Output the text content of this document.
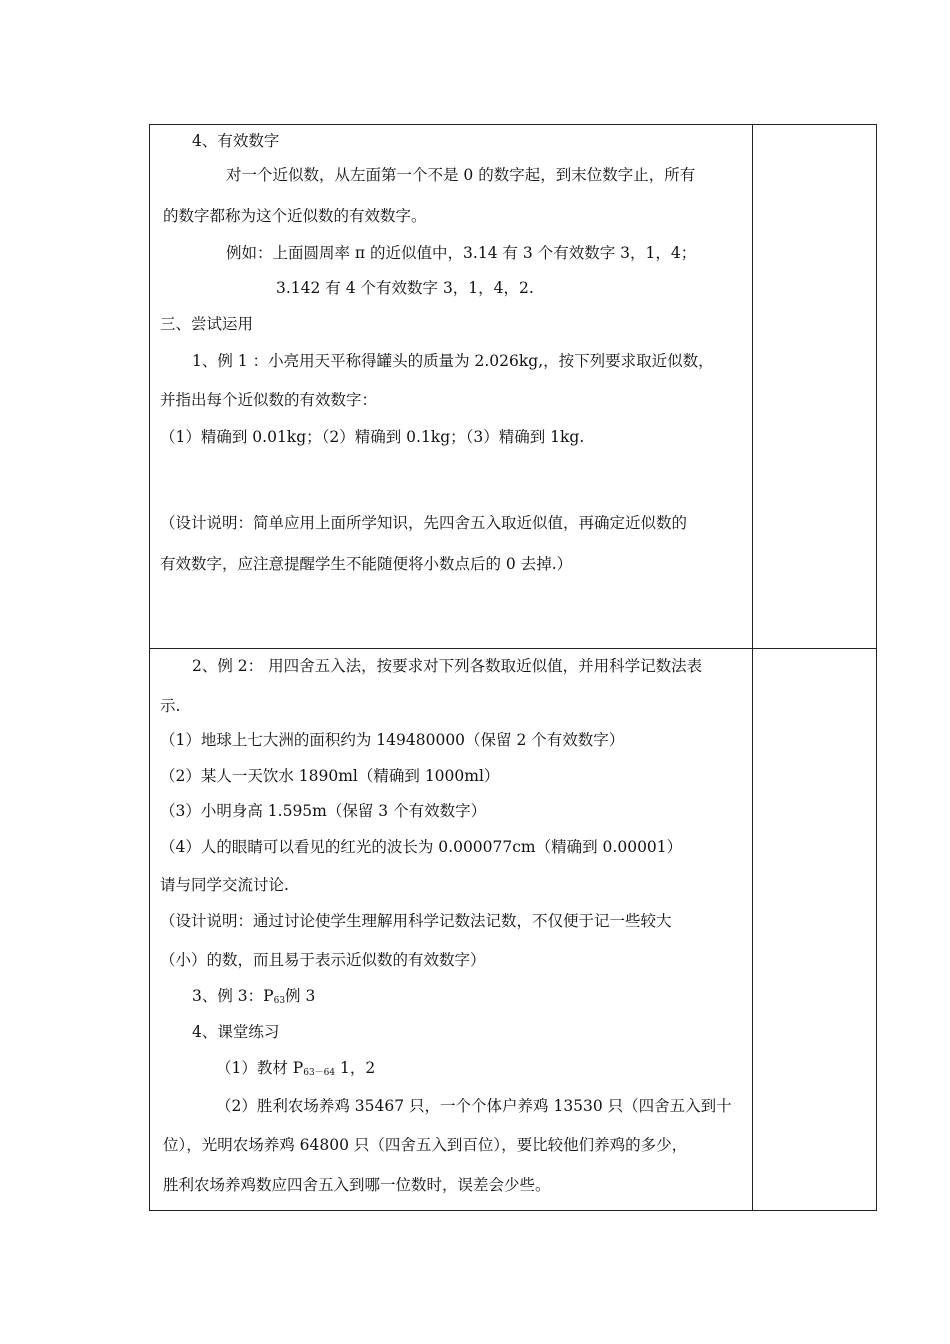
4、有效数字
对一个近似数，从左面第一个不是 0 的数字起，到末位数字止，所有
的数字都称为这个近似数的有效数字。
例如：上面圆周率 π 的近似值中，3.14 有 3 个有效数字 3，1，4；
3.142 有 4 个有效数字 3，1，4，2.
三、尝试运用
1、例 1 ：小亮用天平称得罐头的质量为 2.026kg,，按下列要求取近似数，
并指出每个近似数的有效数字：
（1）精确到 0.01kg；（2）精确到 0.1kg；（3）精确到 1kg.
（设计说明：简单应用上面所学知识，先四舍五入取近似值，再确定近似数的
有效数字，应注意提醒学生不能随便将小数点后的 0 去掉.）
2、例 2： 用四舍五入法，按要求对下列各数取近似值，并用科学记数法表
示.
（1）地球上七大洲的面积约为 149480000（保留 2 个有效数字）
（2）某人一天饮水 1890ml（精确到 1000ml）
（3）小明身高 1.595m（保留 3 个有效数字）
（4）人的眼睛可以看见的红光的波长为 0.000077cm（精确到 0.00001）
请与同学交流讨论.
（设计说明：通过讨论使学生理解用科学记数法记数，不仅便于记一些较大
（小）的数，而且易于表示近似数的有效数字）
3、例 3：$P_{63}$例 3
4、课堂练习
（1）教材 $P_{63-64}$ 1，2
（2）胜利农场养鸡 35467 只，一个个体户养鸡 13530 只（四舍五入到十
位），光明农场养鸡 64800 只（四舍五入到百位），要比较他们养鸡的多少，
胜利农场养鸡数应四舍五入到哪一位数时，误差会少些。
